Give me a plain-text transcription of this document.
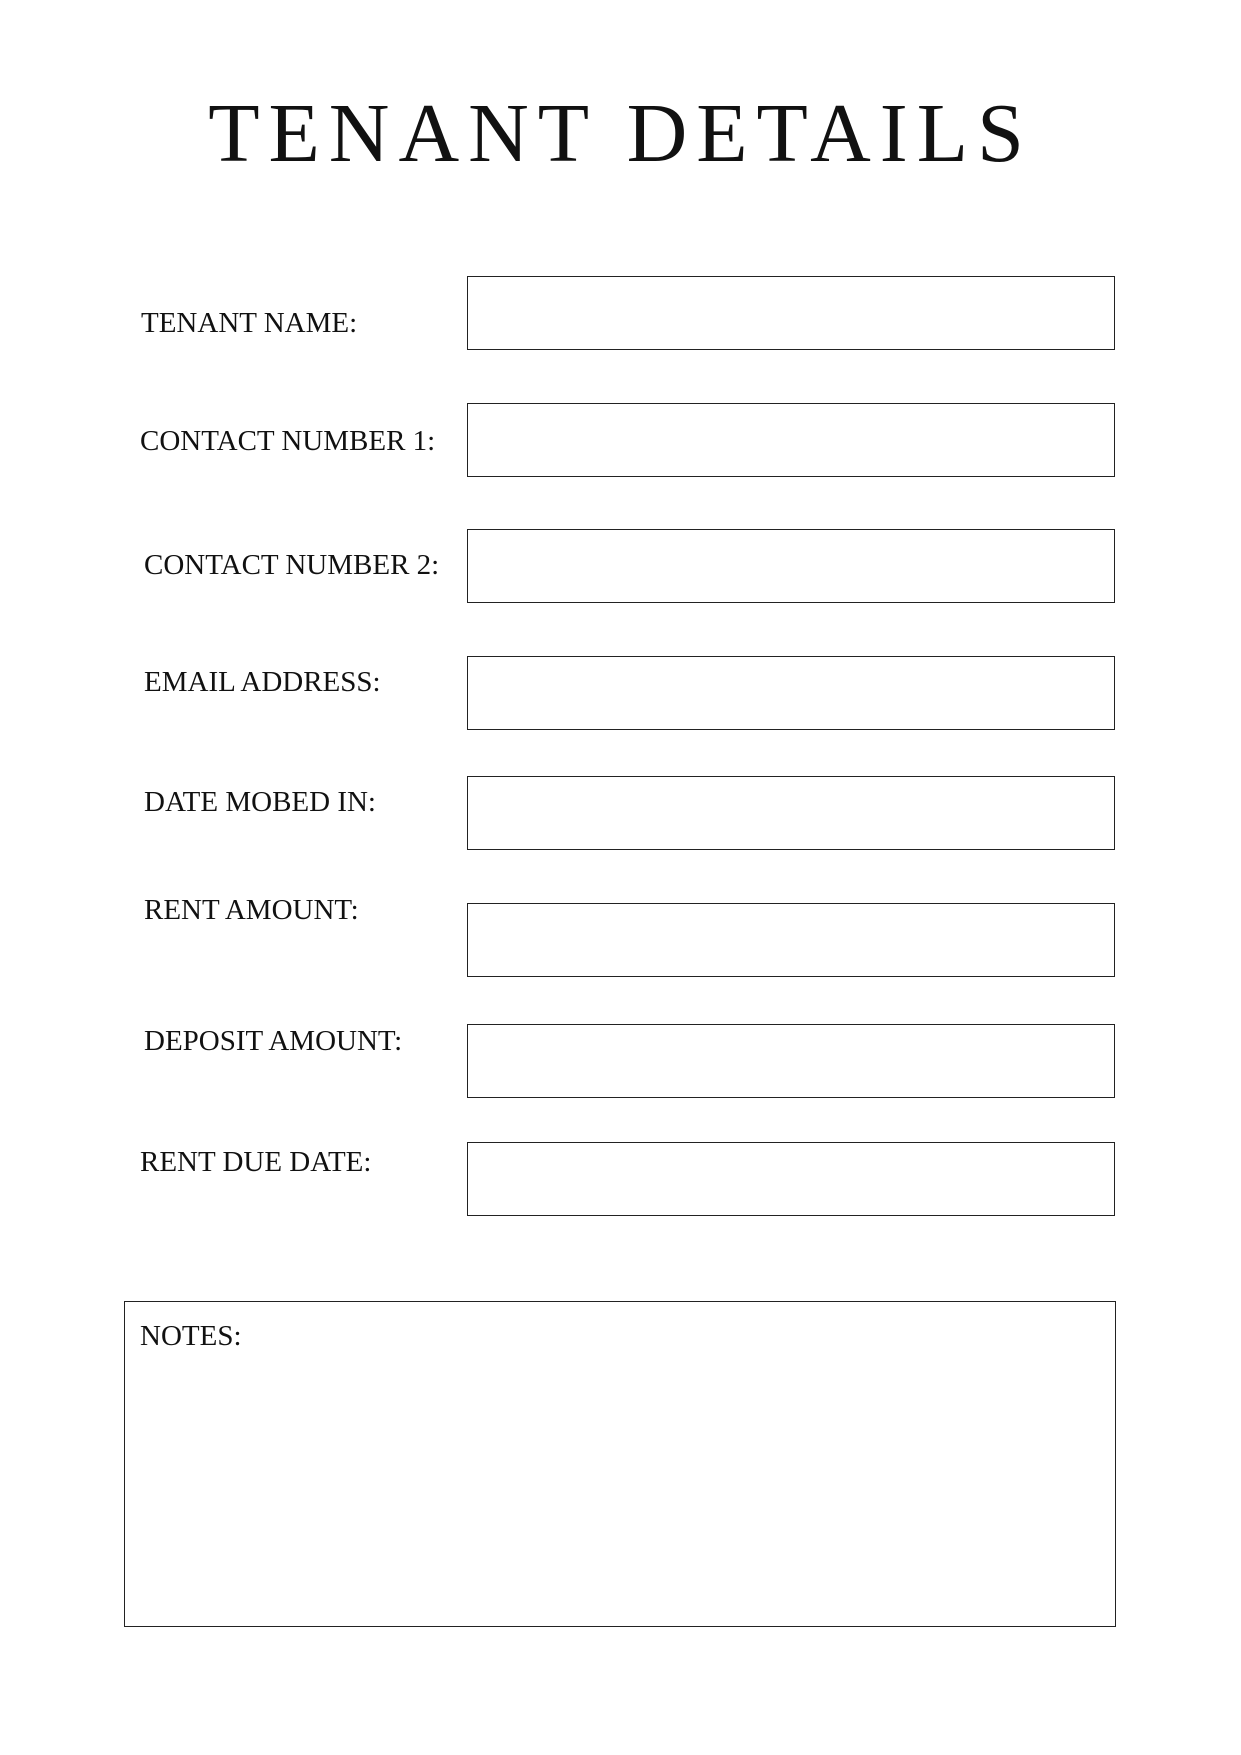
TENANT DETAILS
TENANT NAME:
CONTACT NUMBER 1:
CONTACT NUMBER 2:
EMAIL ADDRESS:
DATE MOBED IN:
RENT AMOUNT:
DEPOSIT AMOUNT:
RENT DUE DATE:
NOTES:
